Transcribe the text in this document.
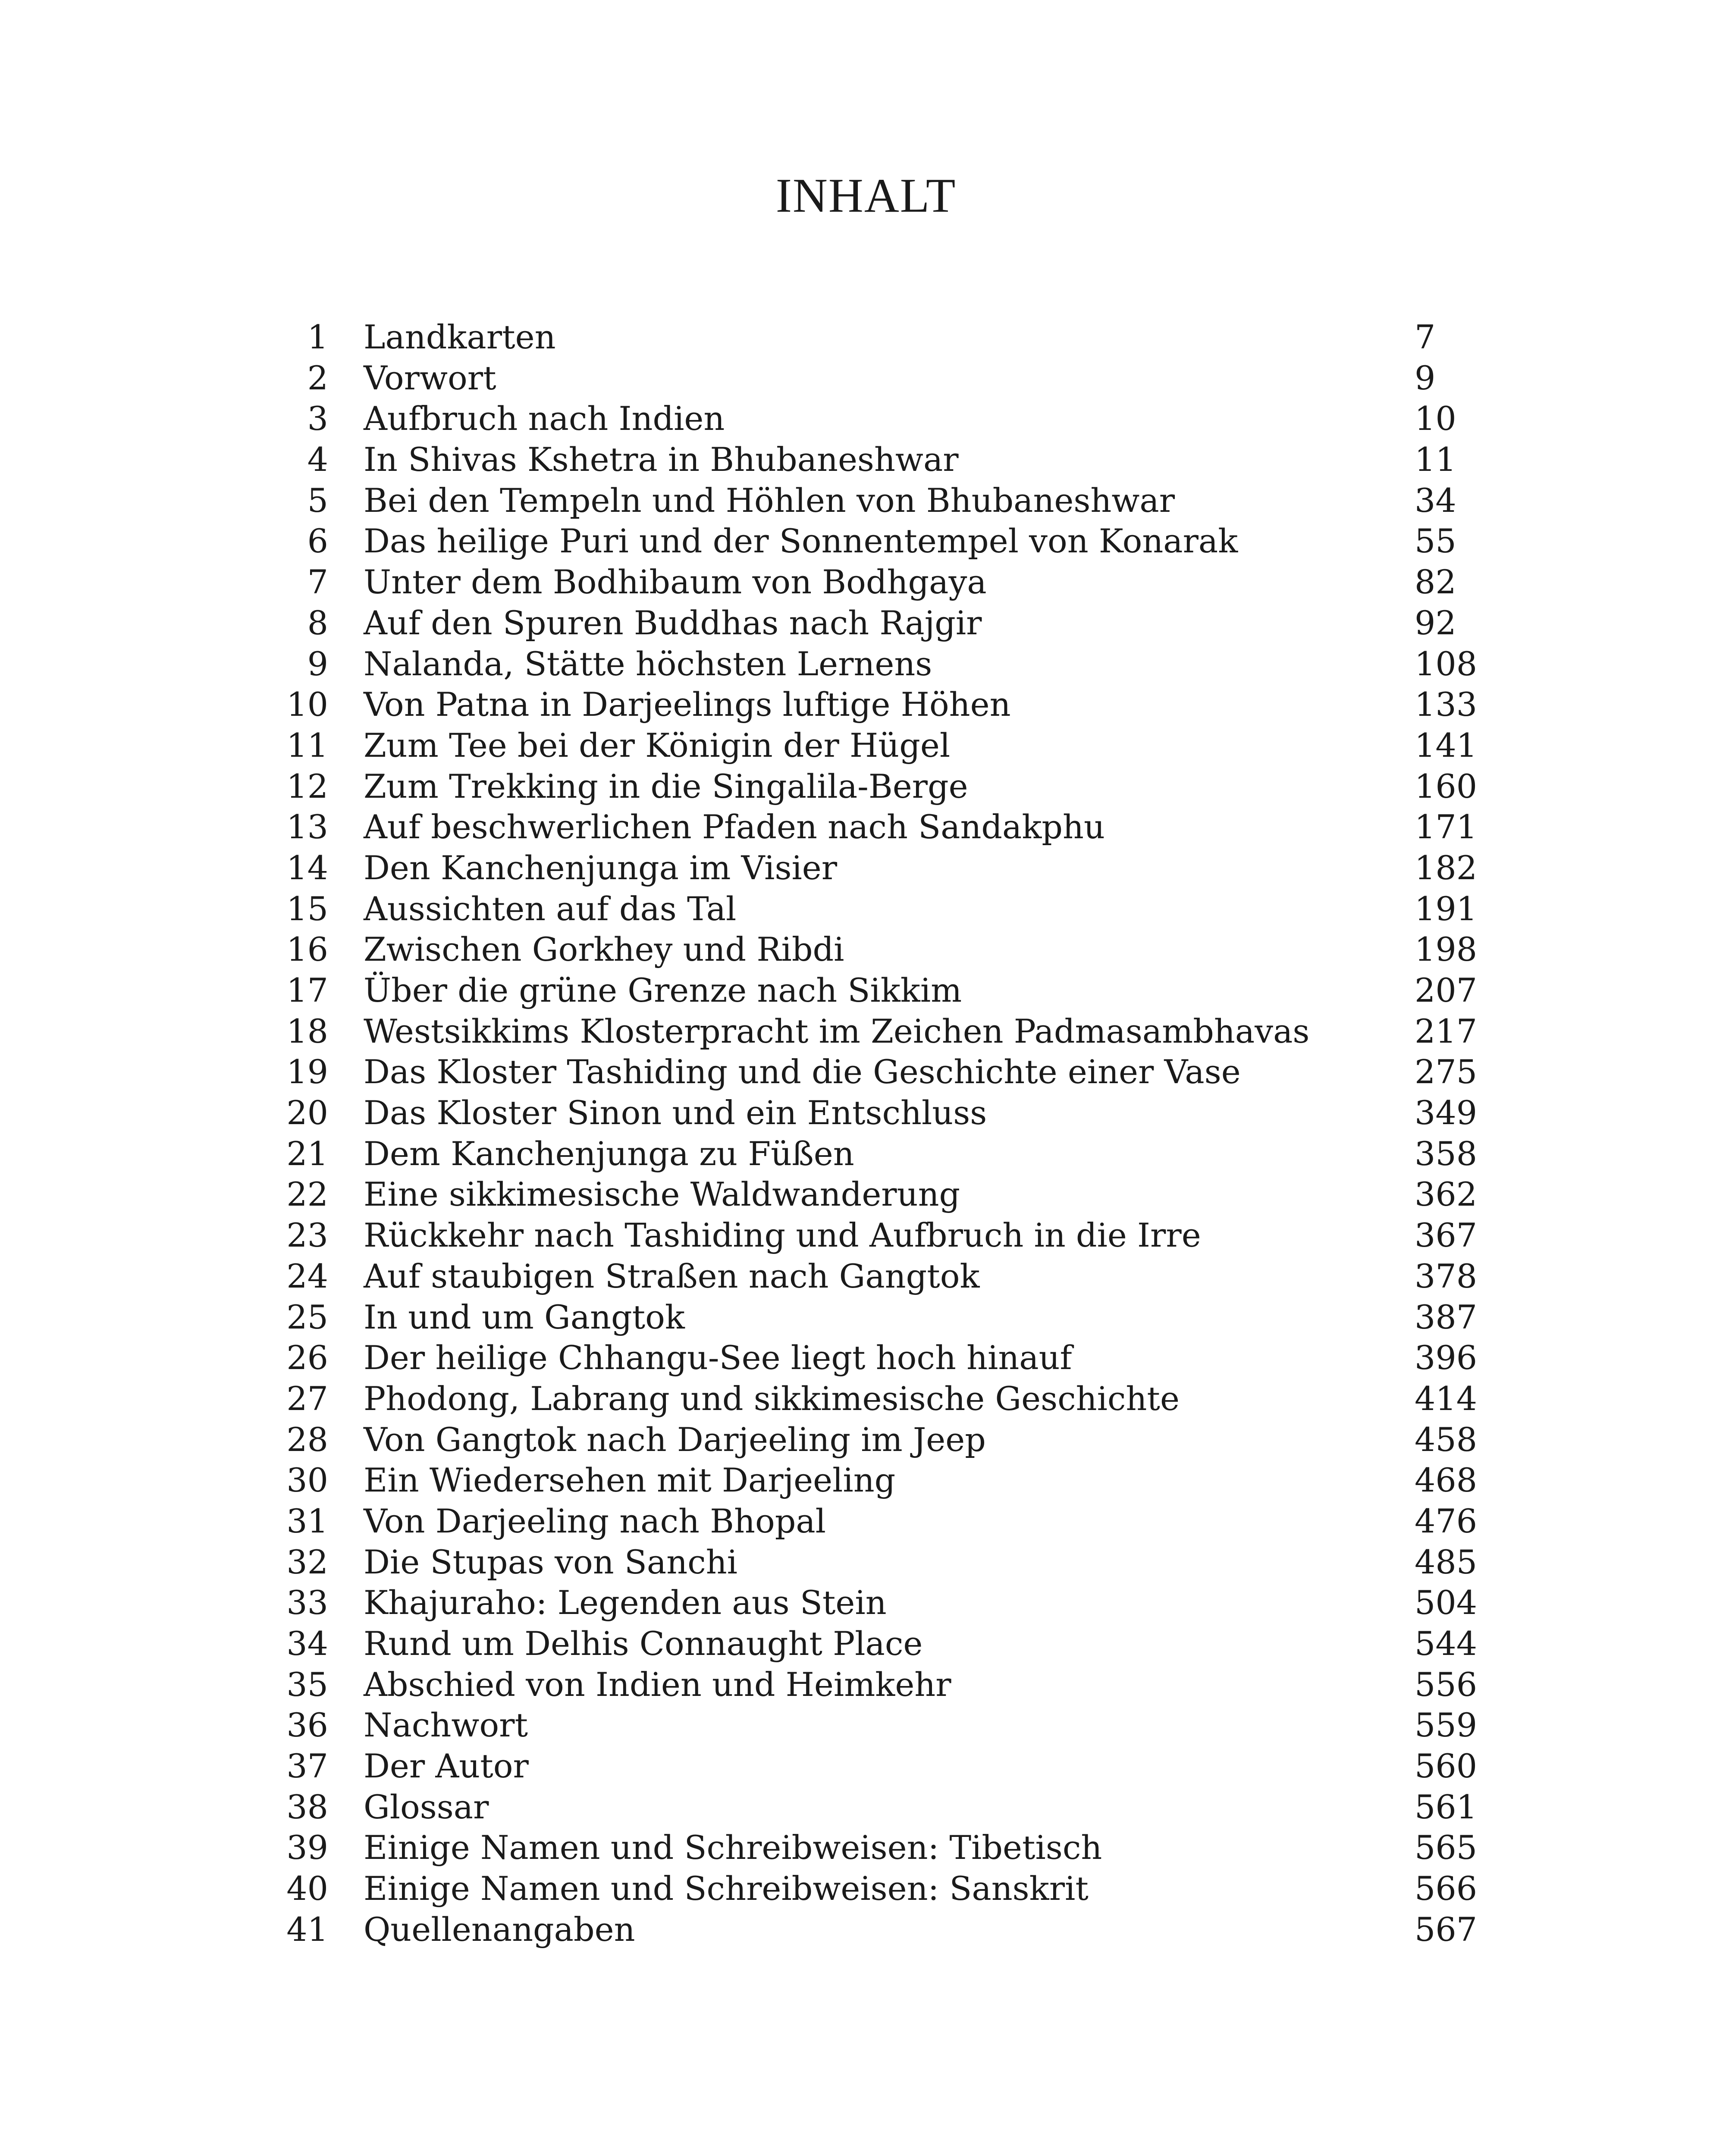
INHALT
1 Landkarten	7
2 Vorwort	9
3 Aufbruch nach Indien	10
4 In Shivas Kshetra in Bhubaneshwar	11
5 Bei den Tempeln und Höhlen von Bhubaneshwar	34
6 Das heilige Puri und der Sonnentempel von Konarak	55
7 Unter dem Bodhibaum von Bodhgaya	82
8 Auf den Spuren Buddhas nach Rajgir	92
9 Nalanda, Stätte höchsten Lernens	108
10 Von Patna in Darjeelings luftige Höhen	133
11 Zum Tee bei der Königin der Hügel	141
12 Zum Trekking in die Singalila-Berge	160
13 Auf beschwerlichen Pfaden nach Sandakphu	171
14 Den Kanchenjunga im Visier	182
15 Aussichten auf das Tal	191
16 Zwischen Gorkhey und Ribdi	198
17 Über die grüne Grenze nach Sikkim	207
18 Westsikkims Klosterpracht im Zeichen Padmasambhavas	217
19 Das Kloster Tashiding und die Geschichte einer Vase	275
20 Das Kloster Sinon und ein Entschluss	349
21 Dem Kanchenjunga zu Füßen	358
22 Eine sikkimesische Waldwanderung	362
23 Rückkehr nach Tashiding und Aufbruch in die Irre	367
24 Auf staubigen Straßen nach Gangtok	378
25 In und um Gangtok	387
26 Der heilige Chhangu-See liegt hoch hinauf	396
27 Phodong, Labrang und sikkimesische Geschichte	414
28 Von Gangtok nach Darjeeling im Jeep	458
30 Ein Wiedersehen mit Darjeeling	468
31 Von Darjeeling nach Bhopal	476
32 Die Stupas von Sanchi	485
33 Khajuraho: Legenden aus Stein	504
34 Rund um Delhis Connaught Place	544
35 Abschied von Indien und Heimkehr	556
36 Nachwort	559
37 Der Autor	560
38 Glossar	561
39 Einige Namen und Schreibweisen: Tibetisch	565
40 Einige Namen und Schreibweisen: Sanskrit	566
41 Quellenangaben	567
